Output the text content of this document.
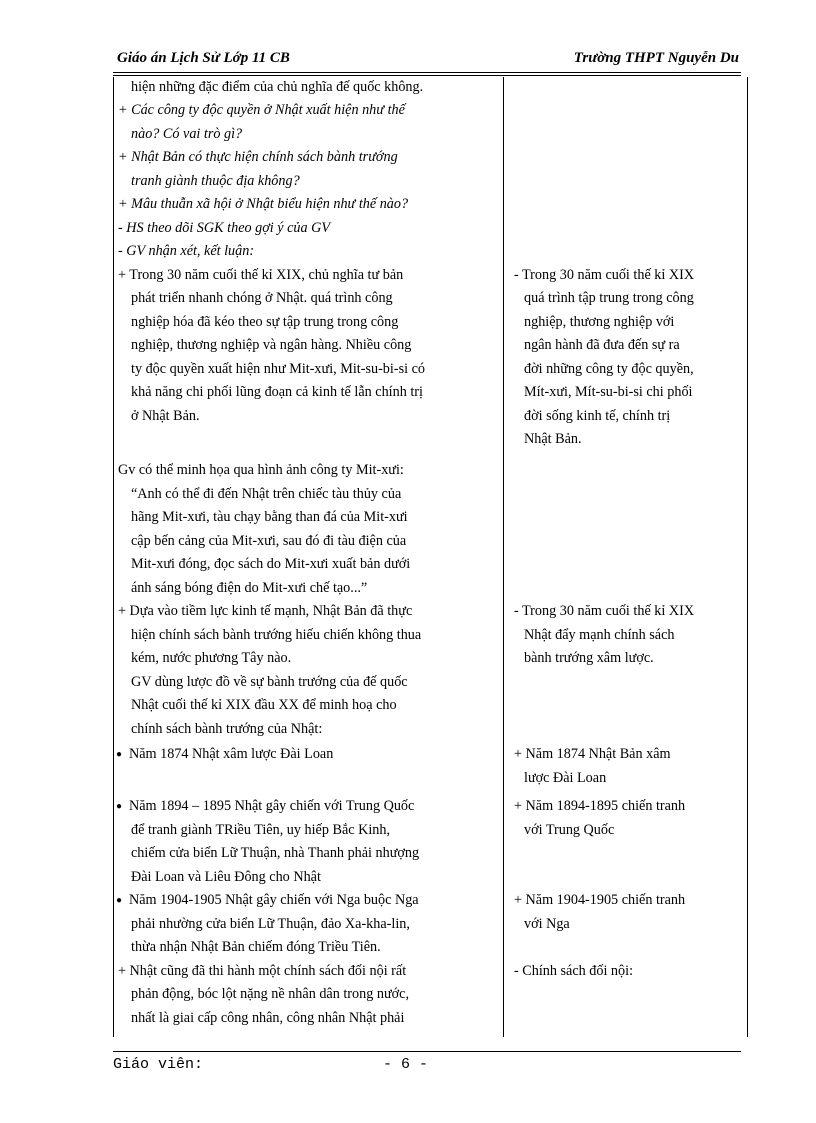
Giáo án Lịch Sử Lớp 11 CB	Trường THPT Nguyễn Du
hiện những đặc điểm của chủ nghĩa đế quốc không.
+ Các công ty độc quyền ở Nhật xuất hiện như thế
nào? Có vai trò gì?
+ Nhật Bản có thực hiện chính sách bành trướng
tranh giành thuộc địa không?
+ Mâu thuẫn xã hội ở Nhật biểu hiện như thế nào?
- HS theo dõi SGK theo gợi ý của GV
- GV nhận xét, kết luận:
+ Trong 30 năm cuối thế kỉ XIX, chủ nghĩa tư bản
phát triển nhanh chóng ở Nhật. quá trình công
nghiệp hóa đã kéo theo sự tập trung trong công
nghiệp, thương nghiệp và ngân hàng. Nhiều công
ty độc quyền xuất hiện như Mit-xưi, Mit-su-bi-si có
khả năng chi phối lũng đoạn cả kinh tế lẫn chính trị
ở Nhật Bản.
Gv có thể minh họa qua hình ảnh công ty Mit-xưi:
“Anh có thể đi đến Nhật trên chiếc tàu thủy của
hãng Mit-xưi, tàu chạy bằng than đá của Mit-xưi
cập bến cảng của Mit-xưi, sau đó đi tàu điện của
Mit-xưi đóng, đọc sách do Mit-xưi xuất bản dưới
ánh sáng bóng điện do Mit-xưi chế tạo...”
+ Dựa vào tiềm lực kinh tế mạnh, Nhật Bản đã thực
hiện chính sách bành trướng hiếu chiến không thua
kém, nước phương Tây nào.
GV dùng lược đồ về sự bành trướng của đế quốc
Nhật cuối thế kỉ XIX đầu XX để minh hoạ cho
chính sách bành trướng của Nhật:
● Năm 1874 Nhật xâm lược Đài Loan
● Năm 1894 – 1895 Nhật gây chiến với Trung Quốc
để tranh giành TRiều Tiên, uy hiếp Bắc Kinh,
chiếm cửa biển Lữ Thuận, nhà Thanh phải nhượng
Đài Loan và Liêu Đông cho Nhật
● Năm 1904-1905 Nhật gây chiến với Nga buộc Nga
phải nhường cửa biển Lữ Thuận, đảo Xa-kha-lin,
thừa nhận Nhật Bản chiếm đóng Triều Tiên.
+ Nhật cũng đã thi hành một chính sách đối nội rất
phản động, bóc lột nặng nề nhân dân trong nước,
nhất là giai cấp công nhân, công nhân Nhật phải
- Trong 30 năm cuối thế kỉ XIX
quá trình tập trung trong công
nghiệp, thương nghiệp với
ngân hành đã đưa đến sự ra
đời những công ty độc quyền,
Mít-xưi, Mít-su-bi-si chi phối
đời sống kinh tế, chính trị
Nhật Bản.
- Trong 30 năm cuối thế kỉ XIX
Nhật đẩy mạnh chính sách
bành trướng xâm lược.
+ Năm 1874 Nhật Bản xâm
lược Đài Loan
+ Năm 1894-1895 chiến tranh
với Trung Quốc
+ Năm 1904-1905 chiến tranh
với Nga
- Chính sách đối nội:
Giáo viên:	- 6 -
